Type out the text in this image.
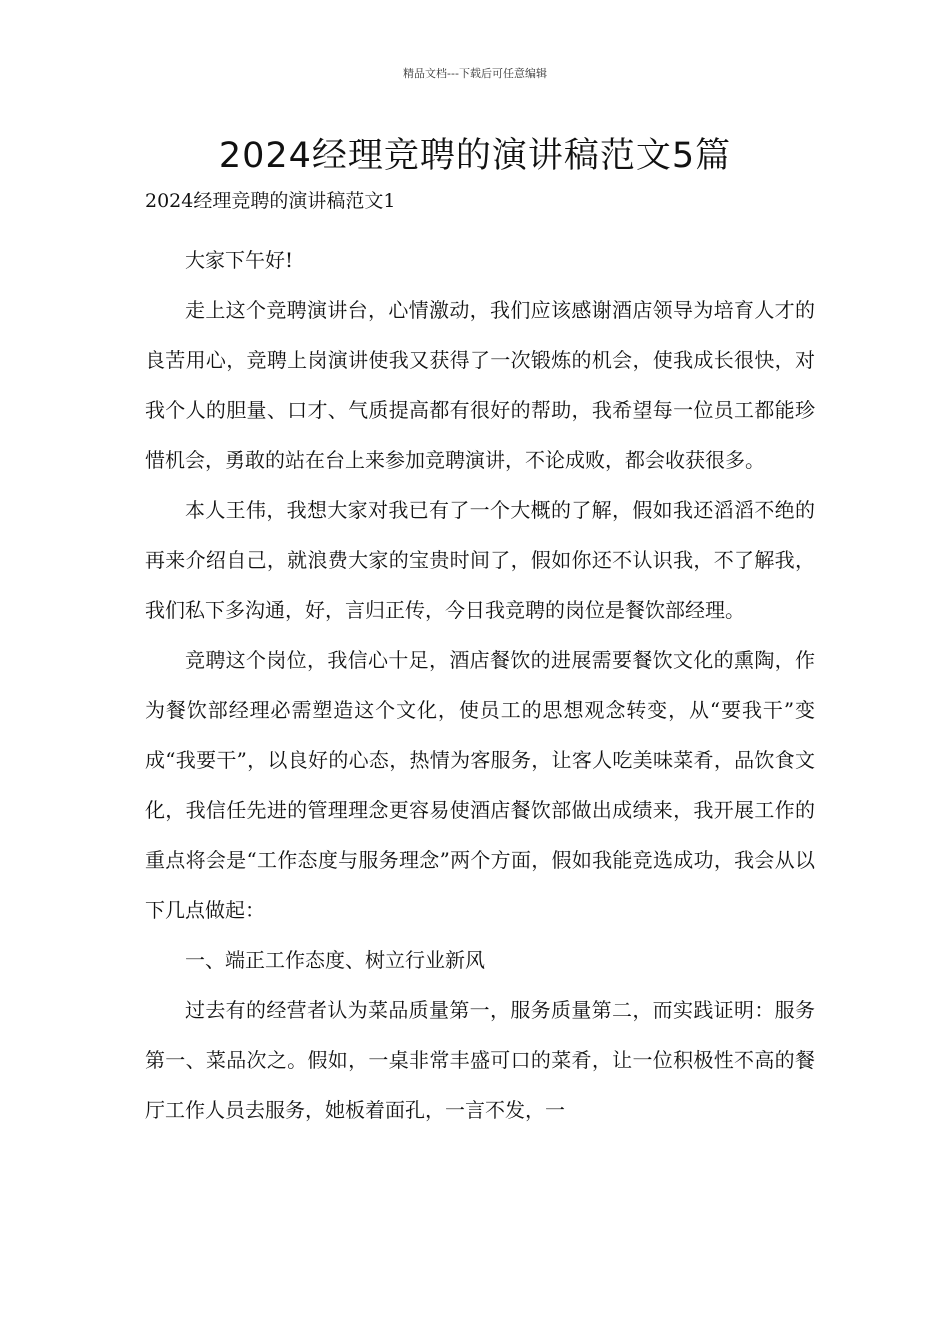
精品文档---下载后可任意编辑
2024经理竞聘的演讲稿范文5篇

2024经理竞聘的演讲稿范文1

大家下午好!

走上这个竞聘演讲台，心情激动，我们应该感谢酒店领导为培育人才的良苦用心，竞聘上岗演讲使我又获得了一次锻炼的机会，使我成长很快，对我个人的胆量、口才、气质提高都有很好的帮助，我希望每一位员工都能珍惜机会，勇敢的站在台上来参加竞聘演讲，不论成败，都会收获很多。

本人王伟，我想大家对我已有了一个大概的了解，假如我还滔滔不绝的再来介绍自己，就浪费大家的宝贵时间了，假如你还不认识我，不了解我，我们私下多沟通，好，言归正传，今日我竞聘的岗位是餐饮部经理。

竞聘这个岗位，我信心十足，酒店餐饮的进展需要餐饮文化的熏陶，作为餐饮部经理必需塑造这个文化，使员工的思想观念转变，从“要我干”变成“我要干”，以良好的心态，热情为客服务，让客人吃美味菜肴，品饮食文化，我信任先进的管理理念更容易使酒店餐饮部做出成绩来，我开展工作的重点将会是“工作态度与服务理念”两个方面，假如我能竞选成功，我会从以下几点做起：

一、端正工作态度、树立行业新风

过去有的经营者认为菜品质量第一，服务质量第二，而实践证明：服务第一、菜品次之。假如，一桌非常丰盛可口的菜肴，让一位积极性不高的餐厅工作人员去服务，她板着面孔，一言不发，一
